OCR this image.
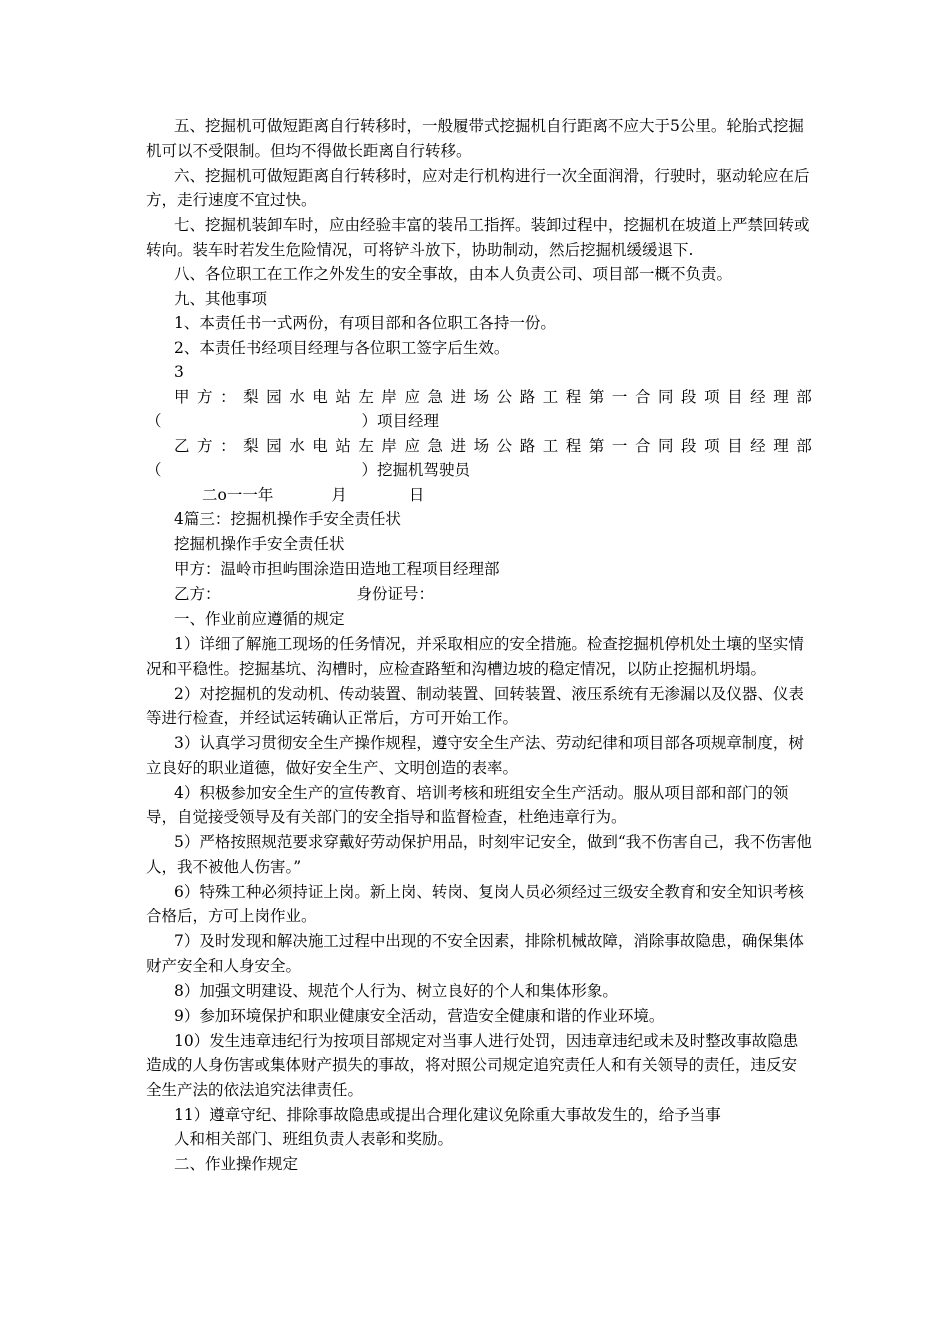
五、挖掘机可做短距离自行转移时，一般履带式挖掘机自行距离不应大于5公里。轮胎式挖掘机可以不受限制。但均不得做长距离自行转移。

六、挖掘机可做短距离自行转移时，应对走行机构进行一次全面润滑，行驶时，驱动轮应在后方，走行速度不宜过快。

七、挖掘机装卸车时，应由经验丰富的装吊工指挥。装卸过程中，挖掘机在坡道上严禁回转或转向。装车时若发生危险情况，可将铲斗放下，协助制动，然后挖掘机缓缓退下.

八、各位职工在工作之外发生的安全事故，由本人负责公司、项目部一概不负责。

九、其他事项

1、本责任书一式两份，有项目部和各位职工各持一份。

2、本责任书经项目经理与各位职工签字后生效。

3

甲 方 ： 梨 园 水 电 站 左 岸 应 急 进 场 公 路 工 程 第 一 合 同 段 项 目 经 理 部
（	）项目经理
乙 方 ： 梨 园 水 电 站 左 岸 应 急 进 场 公 路 工 程 第 一 合 同 段 项 目 经 理 部
（	）挖掘机驾驶员
二ο一一年	月	日

4篇三：挖掘机操作手安全责任状

挖掘机操作手安全责任状

甲方：温岭市担屿围涂造田造地工程项目经理部

乙方：	身份证号：

一、作业前应遵循的规定

1）详细了解施工现场的任务情况，并采取相应的安全措施。检查挖掘机停机处土壤的坚实情况和平稳性。挖掘基坑、沟槽时，应检查路堑和沟槽边坡的稳定情况，以防止挖掘机坍塌。

2）对挖掘机的发动机、传动装置、制动装置、回转装置、液压系统有无渗漏以及仪器、仪表等进行检查，并经试运转确认正常后，方可开始工作。

3）认真学习贯彻安全生产操作规程，遵守安全生产法、劳动纪律和项目部各项规章制度，树立良好的职业道德，做好安全生产、文明创造的表率。

4）积极参加安全生产的宣传教育、培训考核和班组安全生产活动。服从项目部和部门的领导，自觉接受领导及有关部门的安全指导和监督检查，杜绝违章行为。

5）严格按照规范要求穿戴好劳动保护用品，时刻牢记安全，做到“我不伤害自己，我不伤害他人，我不被他人伤害。”

6）特殊工种必须持证上岗。新上岗、转岗、复岗人员必须经过三级安全教育和安全知识考核合格后，方可上岗作业。

7）及时发现和解决施工过程中出现的不安全因素，排除机械故障，消除事故隐患，确保集体财产安全和人身安全。

8）加强文明建设、规范个人行为、树立良好的个人和集体形象。

9）参加环境保护和职业健康安全活动，营造安全健康和谐的作业环境。

10）发生违章违纪行为按项目部规定对当事人进行处罚，因违章违纪或未及时整改事故隐患造成的人身伤害或集体财产损失的事故，将对照公司规定追究责任人和有关领导的责任，违反安全生产法的依法追究法律责任。

11）遵章守纪、排除事故隐患或提出合理化建议免除重大事故发生的，给予当事

人和相关部门、班组负责人表彰和奖励。

二、作业操作规定
